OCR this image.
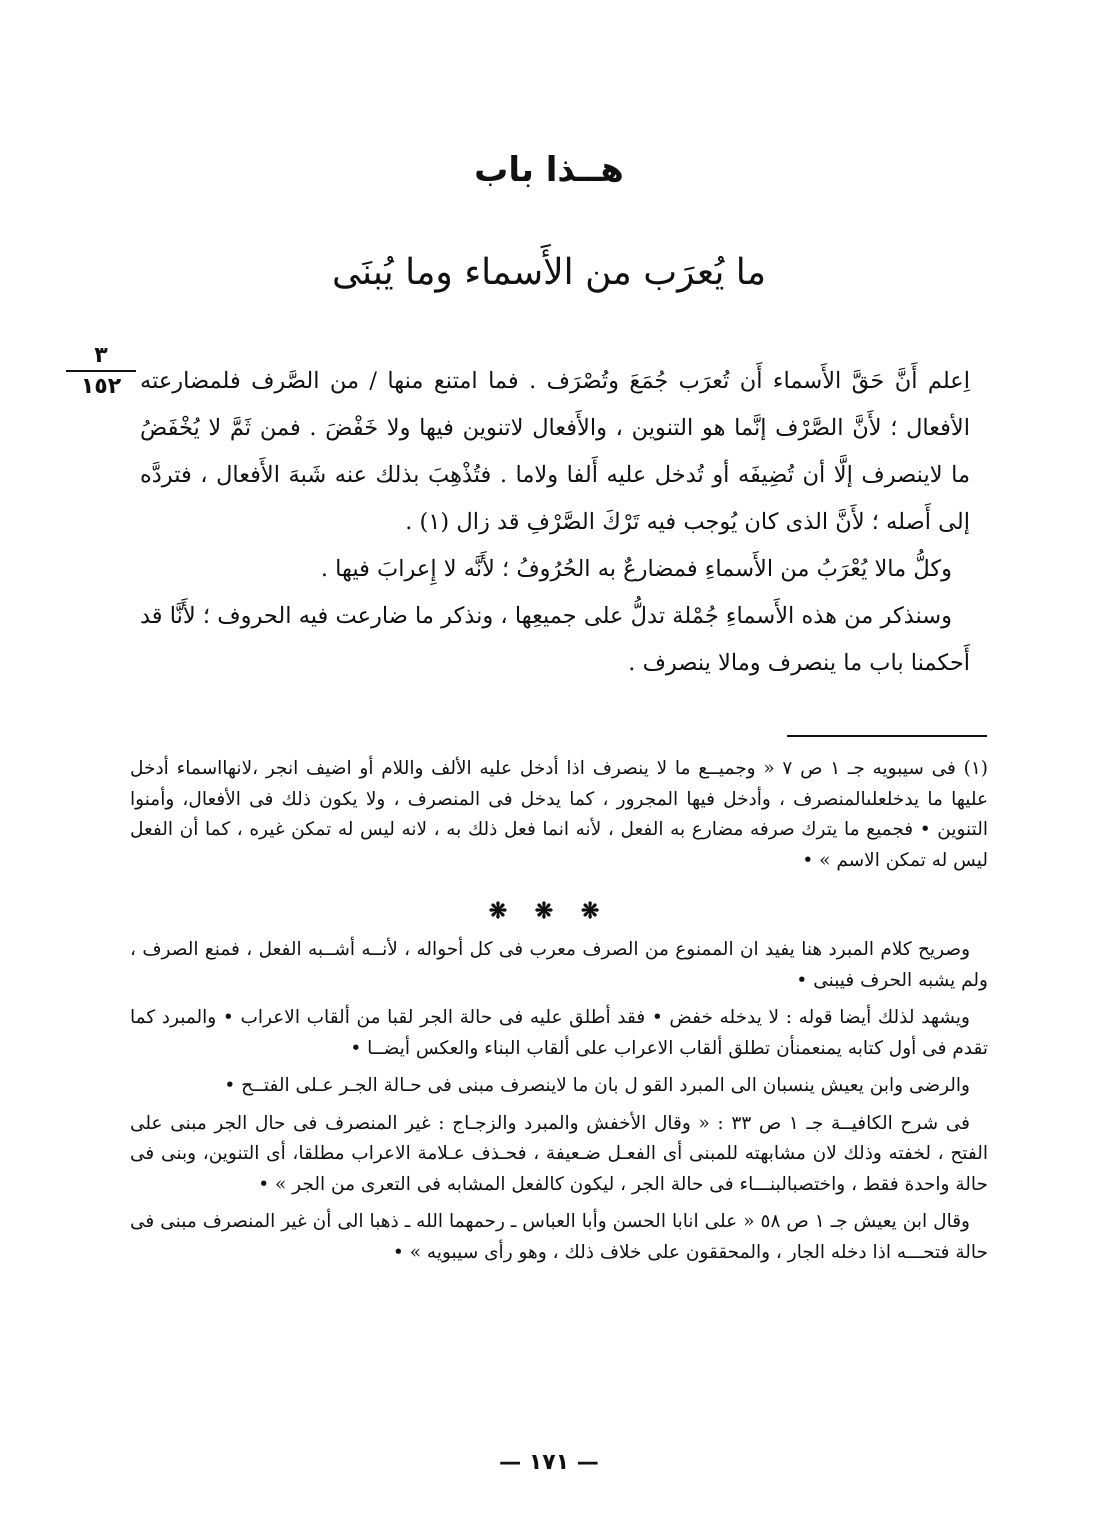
هــذا باب
ما يُعرَب من الأَسماء وما يُبنَى
٣
١٥٢ اِعلم أَنَّ حَقَّ الأَسماء أَن تُعرَب جُمَعَ وتُصْرَف . فما امتنع منها / من الصَّرف فلمضارعته الأفعال ؛ لأَنَّ الصَّرْف إنَّما هو التنوين ، والأَفعال لاتنوين فيها ولا خَفْضَ . فمن ثَمَّ لا يُخْفَضُ ما لاينصرف إلَّا أن تُضِيفَه أو تُدخل عليه أَلفا ولاما . فتُذْهِبَ بذلك عنه شَبهَ الأَفعال ، فتردَّه إلى أَصله ؛ لأَنَّ الذى كان يُوجب فيه تَرْكَ الصَّرْفِ قد زال (١) .

وكلُّ مالا يُعْرَبُ من الأَسماءِ فمضارعٌ به الحُرُوفُ ؛ لأَنَّه لا إِعرابَ فيها .

وسنذكر من هذه الأَسماءِ جُمْلة تدلُّ على جميعِها ، ونذكر ما ضارعت فيه الحروف ؛ لأَنَّا قد أَحكمنا باب ما ينصرف ومالا ينصرف .

(١) فى سيبويه جـ ١ ص ٧ « وجميــع ما لا ينصرف اذا أدخل عليه الألف واللام أو اضيف انجر ،لانهااسماء أدخل عليها ما يدخلعلىالمنصرف ، وأدخل فيها المجرور ، كما يدخل فى المنصرف ، ولا يكون ذلك فى الأفعال، وأمنوا التنوين • فجميع ما يترك صرفه مضارع به الفعل ، لأنه انما فعل ذلك به ، لانه ليس له تمكن غيره ، كما أن الفعل ليس له تمكن الاسم » •

❋ ❋ ❋

وصريح كلام المبرد هنا يفيد ان الممنوع من الصرف معرب فى كل أحواله ، لأنــه أشــبه الفعل ، فمنع الصرف ، ولم يشبه الحرف فيبنى •

ويشهد لذلك أيضا قوله : لا يدخله خفض • فقد أطلق عليه فى حالة الجر لقبا من ألقاب الاعراب • والمبرد كما تقدم فى أول كتابه يمنعمنأن تطلق ألقاب الاعراب على ألقاب البناء والعكس أيضــا •

والرضى وابن يعيش ينسبان الى المبرد القو ل بان ما لاينصرف مبنى فى حـالة الجـر عـلى الفتــح •

فى شرح الكافيــة جـ ١ ص ٣٣ : « وقال الأخفش والمبرد والزجـاج : غير المنصرف فى حال الجر مبنى على الفتح ، لخفته وذلك لان مشابهته للمبنى أى الفعـل ضـعيفة ، فحـذف عـلامة الاعراب مطلقا، أى التنوين، وبنى فى حالة واحدة فقط ، واختصبالبنـــاء فى حالة الجر ، ليكون كالفعل المشابه فى التعرى من الجر » •

وقال ابن يعيش جـ ١ ص ٥٨ « على انابا الحسن وأبا العباس ـ رحمهما الله ـ ذهبا الى أن غير المنصرف مبنى فى حالة فتحـــه اذا دخله الجار ، والمحققون على خلاف ذلك ، وهو رأى سيبويه » •

— ١٧١ —
